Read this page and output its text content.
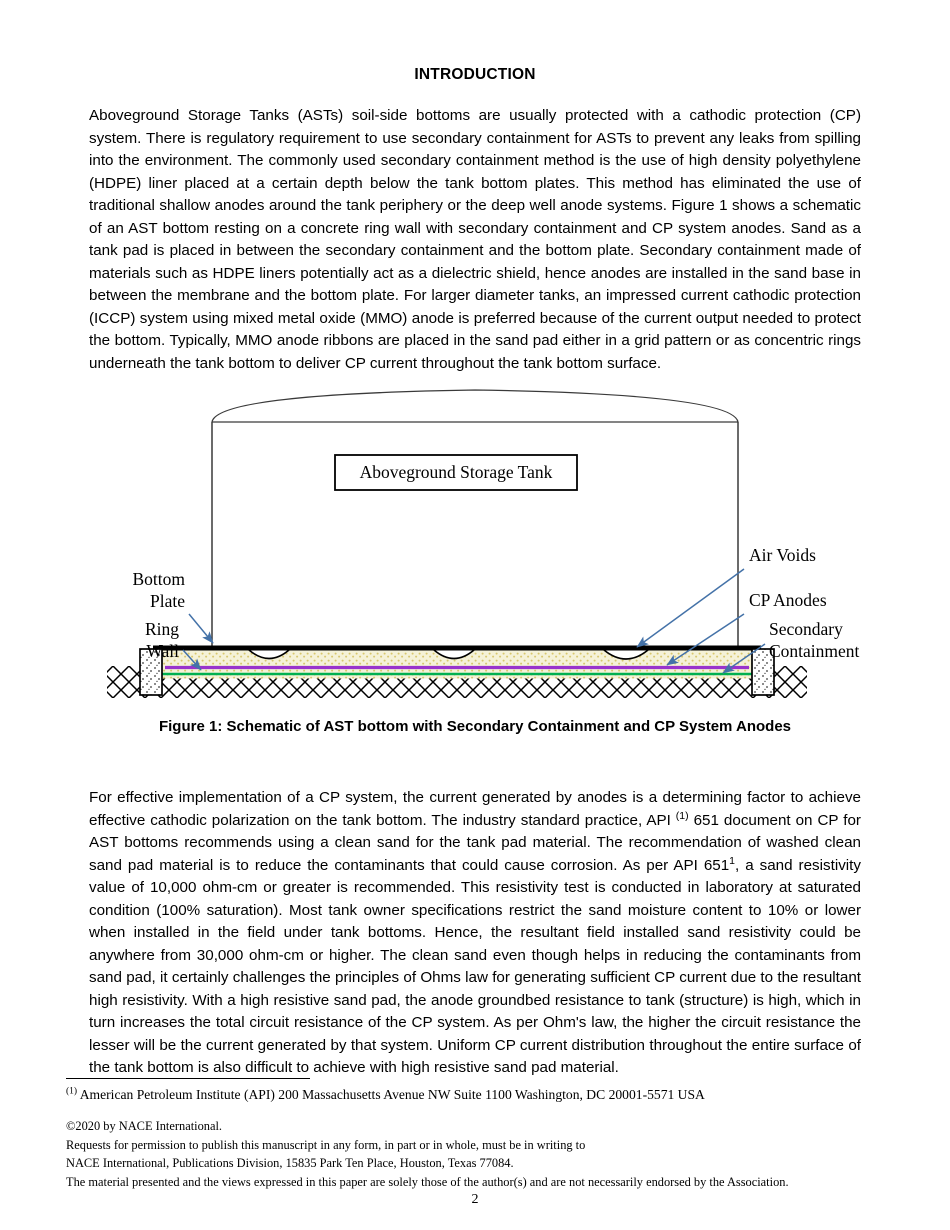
INTRODUCTION
Aboveground Storage Tanks (ASTs) soil-side bottoms are usually protected with a cathodic protection (CP) system. There is regulatory requirement to use secondary containment for ASTs to prevent any leaks from spilling into the environment. The commonly used secondary containment method is the use of high density polyethylene (HDPE) liner placed at a certain depth below the tank bottom plates. This method has eliminated the use of traditional shallow anodes around the tank periphery or the deep well anode systems. Figure 1 shows a schematic of an AST bottom resting on a concrete ring wall with secondary containment and CP system anodes. Sand as a tank pad is placed in between the secondary containment and the bottom plate. Secondary containment made of materials such as HDPE liners potentially act as a dielectric shield, hence anodes are installed in the sand base in between the membrane and the bottom plate. For larger diameter tanks, an impressed current cathodic protection (ICCP) system using mixed metal oxide (MMO) anode is preferred because of the current output needed to protect the bottom. Typically, MMO anode ribbons are placed in the sand pad either in a grid pattern or as concentric rings underneath the tank bottom to deliver CP current throughout the tank bottom surface.
Aboveground Storage Tank
Bottom
Plate
Ring
Wall
Air Voids
CP Anodes
Secondary
Containment
Figure 1: Schematic of AST bottom with Secondary Containment and CP System Anodes
For effective implementation of a CP system, the current generated by anodes is a determining factor to achieve effective cathodic polarization on the tank bottom. The industry standard practice, API $^{(1)}$ 651 document on CP for AST bottoms recommends using a clean sand for the tank pad material. The recommendation of washed clean sand pad material is to reduce the contaminants that could cause corrosion. As per API $651^1$, a sand resistivity value of 10,000 ohm-cm or greater is recommended. This resistivity test is conducted in laboratory at saturated condition (100% saturation). Most tank owner specifications restrict the sand moisture content to 10% or lower when installed in the field under tank bottoms. Hence, the resultant field installed sand resistivity could be anywhere from 30,000 ohm-cm or higher. The clean sand even though helps in reducing the contaminants from sand pad, it certainly challenges the principles of Ohms law for generating sufficient CP current due to the resultant high resistivity. With a high resistive sand pad, the anode groundbed resistance to tank (structure) is high, which in turn increases the total circuit resistance of the CP system. As per Ohm's law, the higher the circuit resistance the lesser will be the current generated by that system. Uniform CP current distribution throughout the entire surface of the tank bottom is also difficult to achieve with high resistive sand pad material.
$^{(1)}$ American Petroleum Institute (API) 200 Massachusetts Avenue NW Suite 1100 Washington, DC 20001-5571 USA
©2020 by NACE International.
Requests for permission to publish this manuscript in any form, in part or in whole, must be in writing to
NACE International, Publications Division, 15835 Park Ten Place, Houston, Texas 77084.
The material presented and the views expressed in this paper are solely those of the author(s) and are not necessarily endorsed by the Association.
2
